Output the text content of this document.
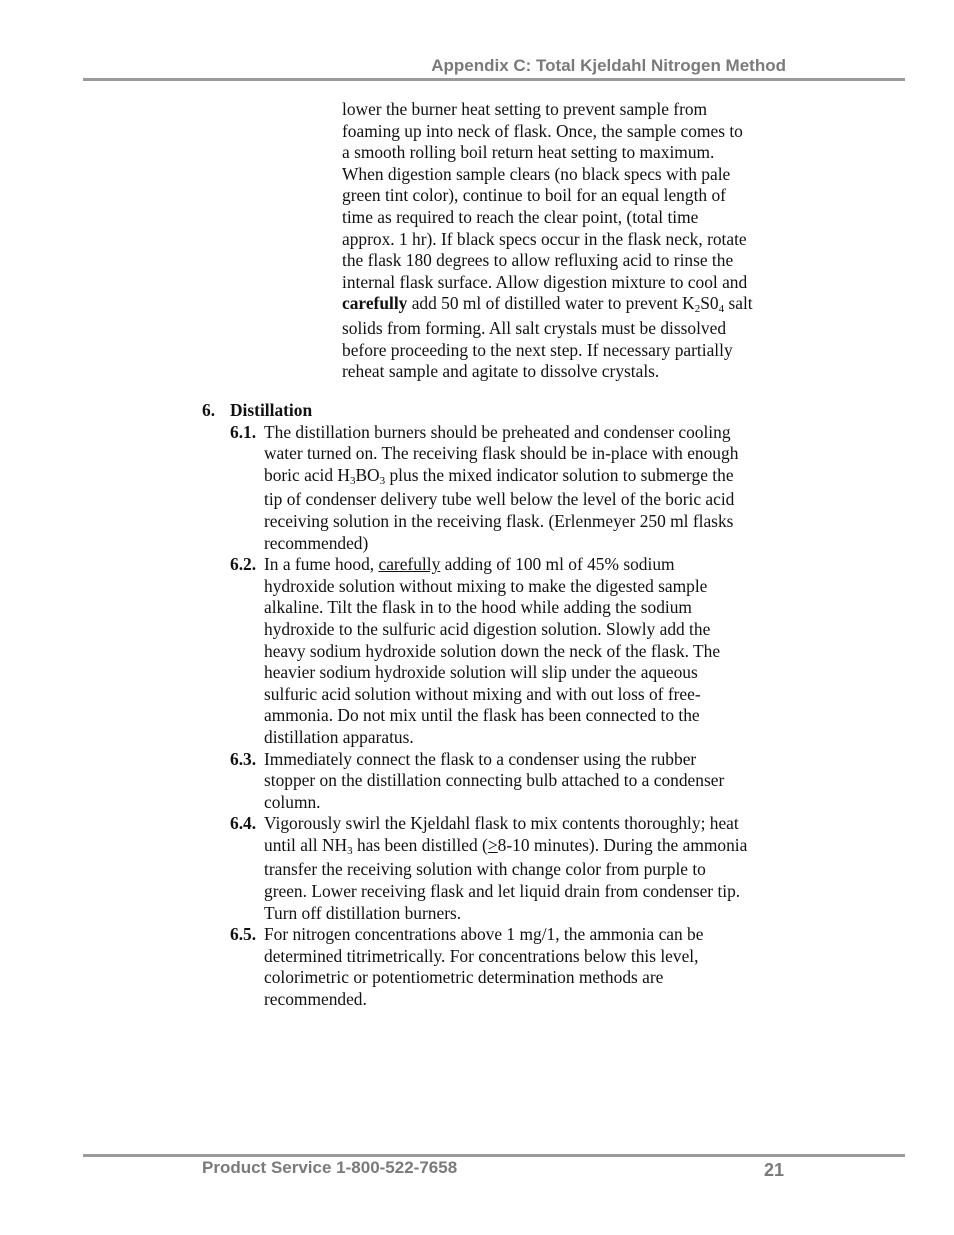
Appendix C: Total Kjeldahl Nitrogen Method
lower the burner heat setting to prevent sample from
foaming up into neck of flask. Once, the sample comes to
a smooth rolling boil return heat setting to maximum.
When digestion sample clears (no black specs with pale
green tint color), continue to boil for an equal length of
time as required to reach the clear point, (total time
approx. 1 hr). If black specs occur in the flask neck, rotate
the flask 180 degrees to allow refluxing acid to rinse the
internal flask surface. Allow digestion mixture to cool and
carefully add 50 ml of distilled water to prevent K2S04 salt
solids from forming. All salt crystals must be dissolved
before proceeding to the next step. If necessary partially
reheat sample and agitate to dissolve crystals.
6. Distillation
6.1. The distillation burners should be preheated and condenser cooling
water turned on. The receiving flask should be in-place with enough
boric acid H3BO3 plus the mixed indicator solution to submerge the
tip of condenser delivery tube well below the level of the boric acid
receiving solution in the receiving flask. (Erlenmeyer 250 ml flasks
recommended)
6.2. In a fume hood, carefully adding of 100 ml of 45% sodium
hydroxide solution without mixing to make the digested sample
alkaline. Tilt the flask in to the hood while adding the sodium
hydroxide to the sulfuric acid digestion solution. Slowly add the
heavy sodium hydroxide solution down the neck of the flask. The
heavier sodium hydroxide solution will slip under the aqueous
sulfuric acid solution without mixing and with out loss of free-
ammonia. Do not mix until the flask has been connected to the
distillation apparatus.
6.3. Immediately connect the flask to a condenser using the rubber
stopper on the distillation connecting bulb attached to a condenser
column.
6.4. Vigorously swirl the Kjeldahl flask to mix contents thoroughly; heat
until all NH3 has been distilled (≥8-10 minutes). During the ammonia
transfer the receiving solution with change color from purple to
green. Lower receiving flask and let liquid drain from condenser tip.
Turn off distillation burners.
6.5. For nitrogen concentrations above 1 mg/1, the ammonia can be
determined titrimetrically. For concentrations below this level,
colorimetric or potentiometric determination methods are
recommended.
Product Service 1-800-522-7658	21
